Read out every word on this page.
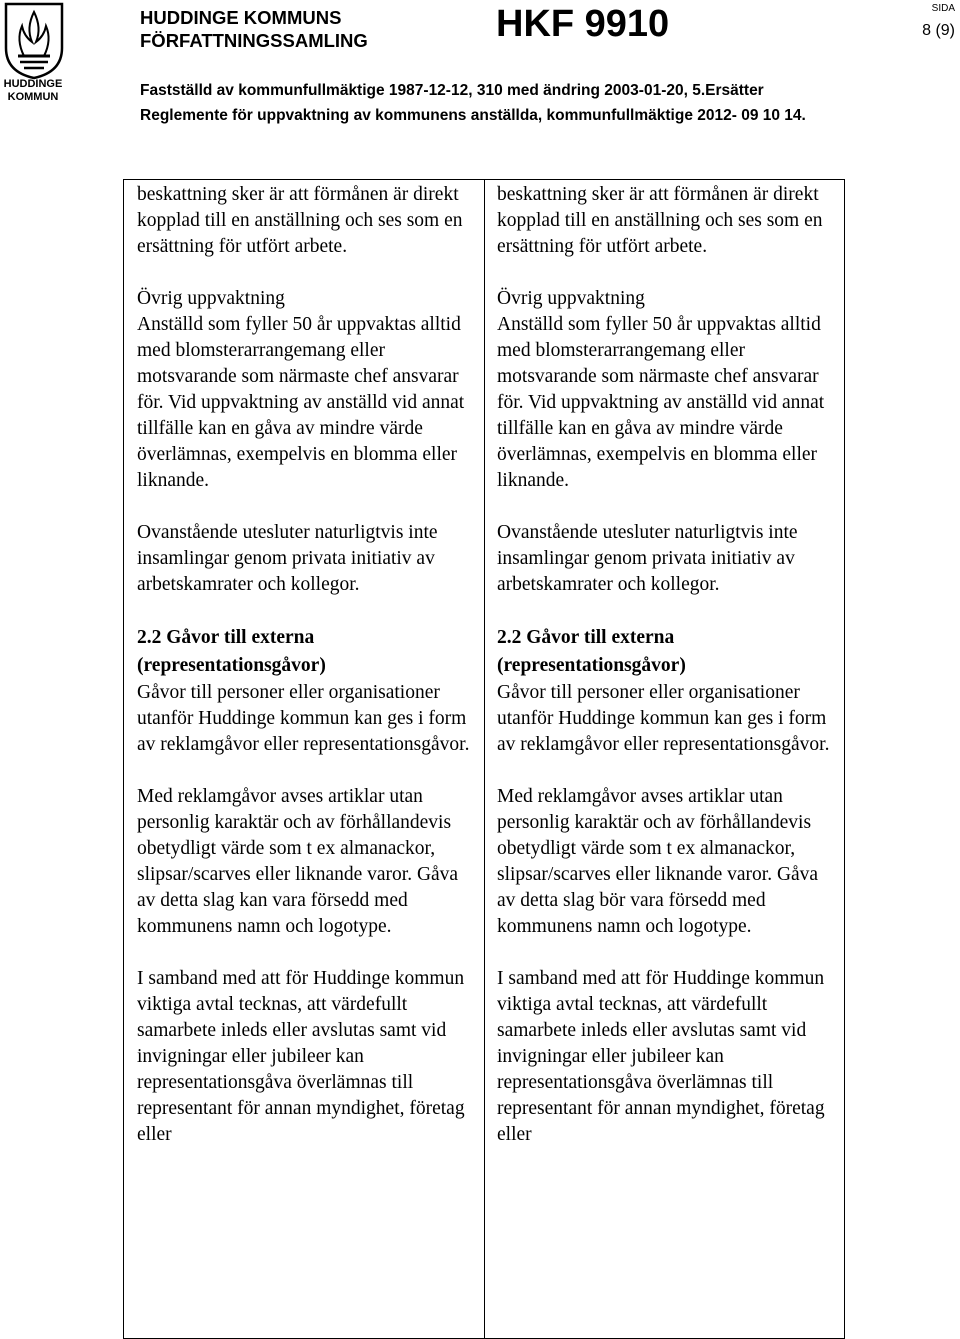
HUDDINGE
KOMMUN
HUDDINGE KOMMUNS
FÖRFATTNINGSSAMLING	HKF 9910	SIDA
8 (9)
Fastställd av kommunfullmäktige 1987-12-12, 310 med ändring 2003-01-20, 5.Ersätter
Reglemente för uppvaktning av kommunens anställda, kommunfullmäktige 2012- 09 10 14.

beskattning sker är att förmånen är direkt kopplad till en anställning och ses som en ersättning för utfört arbete.

Övrig uppvaktning

Anställd som fyller 50 år uppvaktas alltid med blomsterarrangemang eller motsvarande som närmaste chef ansvarar för. Vid uppvaktning av anställd vid annat tillfälle kan en gåva av mindre värde överlämnas, exempelvis en blomma eller liknande.

Ovanstående utesluter naturligtvis inte insamlingar genom privata initiativ av arbetskamrater och kollegor.

2.2 Gåvor till externa (representationsgåvor)

Gåvor till personer eller organisationer utanför Huddinge kommun kan ges i form av reklamgåvor eller representationsgåvor.

Med reklamgåvor avses artiklar utan personlig karaktär och av förhållandevis obetydligt värde som t ex almanackor, slipsar/scarves eller liknande varor. Gåva av detta slag kan vara försedd med kommunens namn och logotype.

I samband med att för Huddinge kommun viktiga avtal tecknas, att värdefullt samarbete inleds eller avslutas samt vid invigningar eller jubileer kan representationsgåva överlämnas till representant för annan myndighet, företag eller

beskattning sker är att förmånen är direkt kopplad till en anställning och ses som en ersättning för utfört arbete.

Övrig uppvaktning

Anställd som fyller 50 år uppvaktas alltid med blomsterarrangemang eller motsvarande som närmaste chef ansvarar för. Vid uppvaktning av anställd vid annat tillfälle kan en gåva av mindre värde överlämnas, exempelvis en blomma eller liknande.

Ovanstående utesluter naturligtvis inte insamlingar genom privata initiativ av arbetskamrater och kollegor.

2.2 Gåvor till externa (representationsgåvor)

Gåvor till personer eller organisationer utanför Huddinge kommun kan ges i form av reklamgåvor eller representationsgåvor.

Med reklamgåvor avses artiklar utan personlig karaktär och av förhållandevis obetydligt värde som t ex almanackor, slipsar/scarves eller liknande varor. Gåva av detta slag bör vara försedd med kommunens namn och logotype.

I samband med att för Huddinge kommun viktiga avtal tecknas, att värdefullt samarbete inleds eller avslutas samt vid invigningar eller jubileer kan representationsgåva överlämnas till representant för annan myndighet, företag eller
